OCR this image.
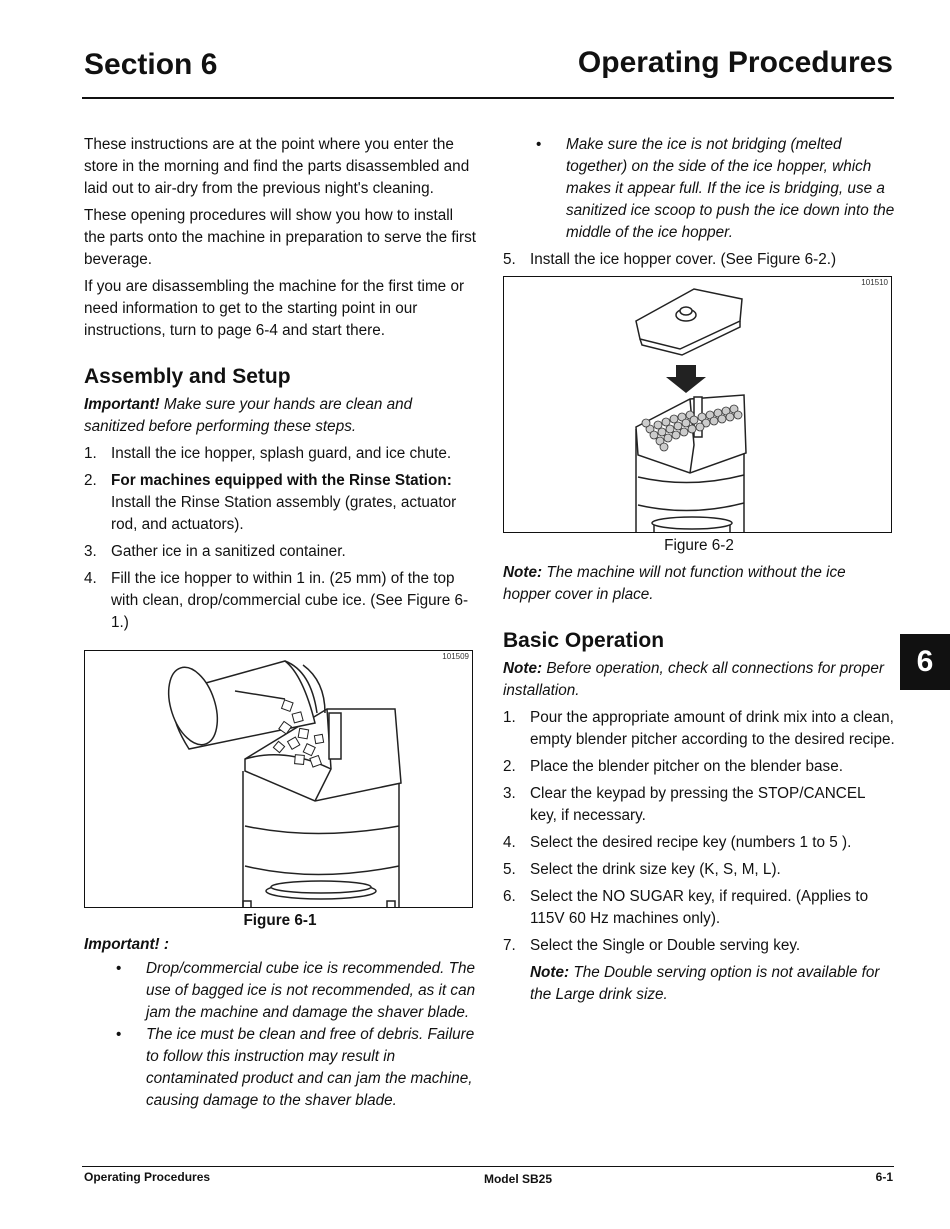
Section 6	Operating Procedures

These instructions are at the point where you enter the store in the morning and find the parts disassembled and laid out to air-dry from the previous night's cleaning.

These opening procedures will show you how to install the parts onto the machine in preparation to serve the first beverage.

If you are disassembling the machine for the first time or need information to get to the starting point in our instructions, turn to page 6-4 and start there.

Assembly and Setup

Important! Make sure your hands are clean and sanitized before performing these steps.

1. Install the ice hopper, splash guard, and ice chute.
2. For machines equipped with the Rinse Station:
Install the Rinse Station assembly (grates, actuator rod, and actuators).
3. Gather ice in a sanitized container.
4. Fill the ice hopper to within 1 in. (25 mm) of the top with clean, drop/commercial cube ice. (See Figure 6-1.)
101509
Figure 6-1

Important! :

• Drop/commercial cube ice is recommended. The use of bagged ice is not recommended, as it can jam the machine and damage the shaver blade.
• The ice must be clean and free of debris. Failure to follow this instruction may result in contaminated product and can jam the machine, causing damage to the shaver blade.
• Make sure the ice is not bridging (melted together) on the side of the ice hopper, which makes it appear full. If the ice is bridging, use a sanitized ice scoop to push the ice down into the middle of the ice hopper.
5. Install the ice hopper cover. (See Figure 6-2.)
101510
Figure 6-2

Note: The machine will not function without the ice hopper cover in place.

Basic Operation

Note: Before operation, check all connections for proper installation.

1. Pour the appropriate amount of drink mix into a clean, empty blender pitcher according to the desired recipe.
2. Place the blender pitcher on the blender base.
3. Clear the keypad by pressing the STOP/CANCEL key, if necessary.
4. Select the desired recipe key (numbers 1 to 5 ).
5. Select the drink size key (K, S, M, L).
6. Select the NO SUGAR key, if required. (Applies to 115V 60 Hz machines only).
7. Select the Single or Double serving key.

Note: The Double serving option is not available for the Large drink size.

6
Operating Procedures	Model SB25	6-1
